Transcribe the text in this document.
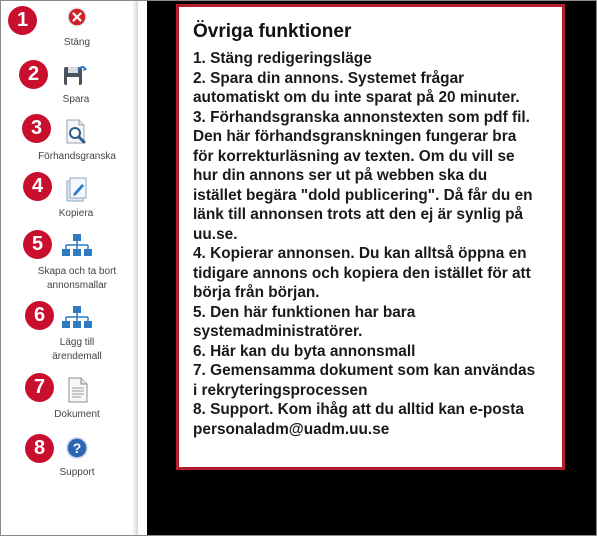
1
Stäng
2
Spara
3
Förhandsgranska
4
Kopiera
5
Skapa och ta bort
annonsmallar
6
Lägg till
ärendemall
7
Dokument
8	?
Support
Övriga funktioner
1. Stäng redigeringsläge
2. Spara din annons. Systemet frågar
automatiskt om du inte sparat på 20 minuter.
3. Förhandsgranska annonstexten som pdf fil.
Den här förhandsgranskningen fungerar bra
för korrekturläsning av texten. Om du vill se
hur din annons ser ut på webben ska du
istället begära "dold publicering". Då får du en
länk till annonsen trots att den ej är synlig på
uu.se.
4. Kopierar annonsen. Du kan alltså öppna en
tidigare annons och kopiera den istället för att
börja från början.
5. Den här funktionen har bara
systemadministratörer.
6. Här kan du byta annonsmall
7. Gemensamma dokument som kan användas
i rekryteringsprocessen
8. Support. Kom ihåg att du alltid kan e-posta
personaladm@uadm.uu.se
